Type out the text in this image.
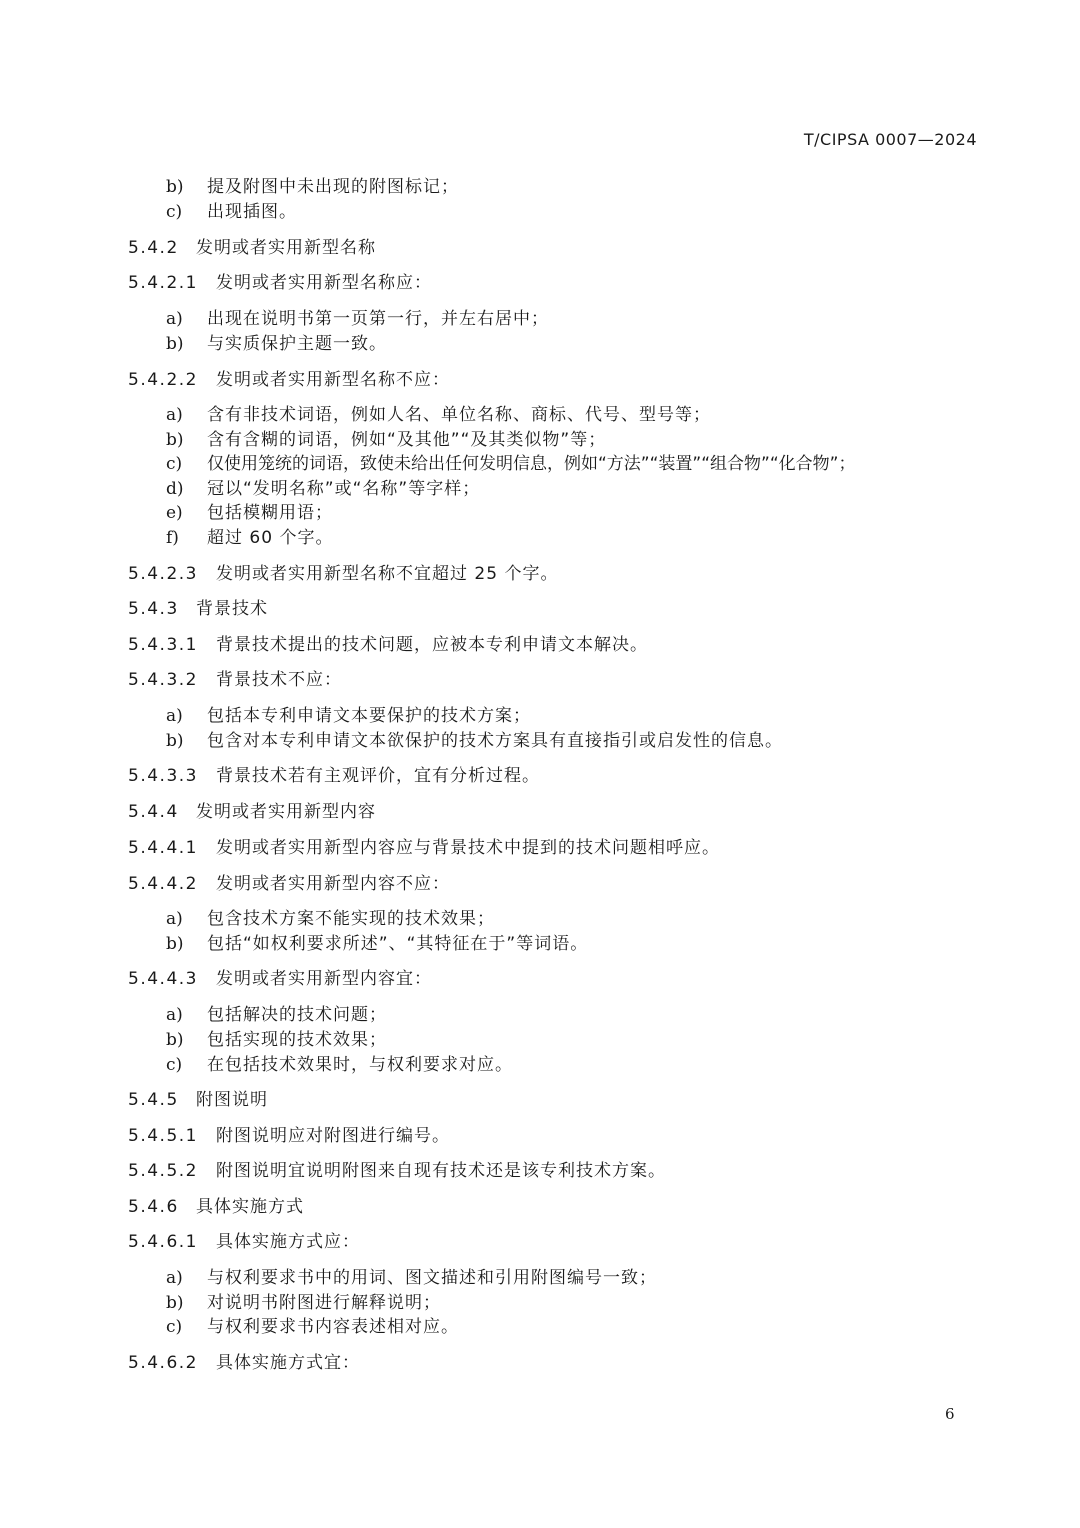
T/CIPSA 0007—2024
b) 提及附图中未出现的附图标记；
c) 出现插图。
5.4.2 发明或者实用新型名称
5.4.2.1 发明或者实用新型名称应：
a) 出现在说明书第一页第一行，并左右居中；
b) 与实质保护主题一致。
5.4.2.2 发明或者实用新型名称不应：
a) 含有非技术词语，例如人名、单位名称、商标、代号、型号等；
b) 含有含糊的词语，例如“及其他”“及其类似物”等；
c) 仅使用笼统的词语，致使未给出任何发明信息，例如“方法”“装置”“组合物”“化合物”；
d) 冠以“发明名称”或“名称”等字样；
e) 包括模糊用语；
f) 超过 60 个字。
5.4.2.3 发明或者实用新型名称不宜超过 25 个字。
5.4.3 背景技术
5.4.3.1 背景技术提出的技术问题，应被本专利申请文本解决。
5.4.3.2 背景技术不应：
a) 包括本专利申请文本要保护的技术方案；
b) 包含对本专利申请文本欲保护的技术方案具有直接指引或启发性的信息。
5.4.3.3 背景技术若有主观评价，宜有分析过程。
5.4.4 发明或者实用新型内容
5.4.4.1 发明或者实用新型内容应与背景技术中提到的技术问题相呼应。
5.4.4.2 发明或者实用新型内容不应：
a) 包含技术方案不能实现的技术效果；
b) 包括“如权利要求所述”、“其特征在于”等词语。
5.4.4.3 发明或者实用新型内容宜：
a) 包括解决的技术问题；
b) 包括实现的技术效果；
c) 在包括技术效果时，与权利要求对应。
5.4.5 附图说明
5.4.5.1 附图说明应对附图进行编号。
5.4.5.2 附图说明宜说明附图来自现有技术还是该专利技术方案。
5.4.6 具体实施方式
5.4.6.1 具体实施方式应：
a) 与权利要求书中的用词、图文描述和引用附图编号一致；
b) 对说明书附图进行解释说明；
c) 与权利要求书内容表述相对应。
5.4.6.2 具体实施方式宜：
6
